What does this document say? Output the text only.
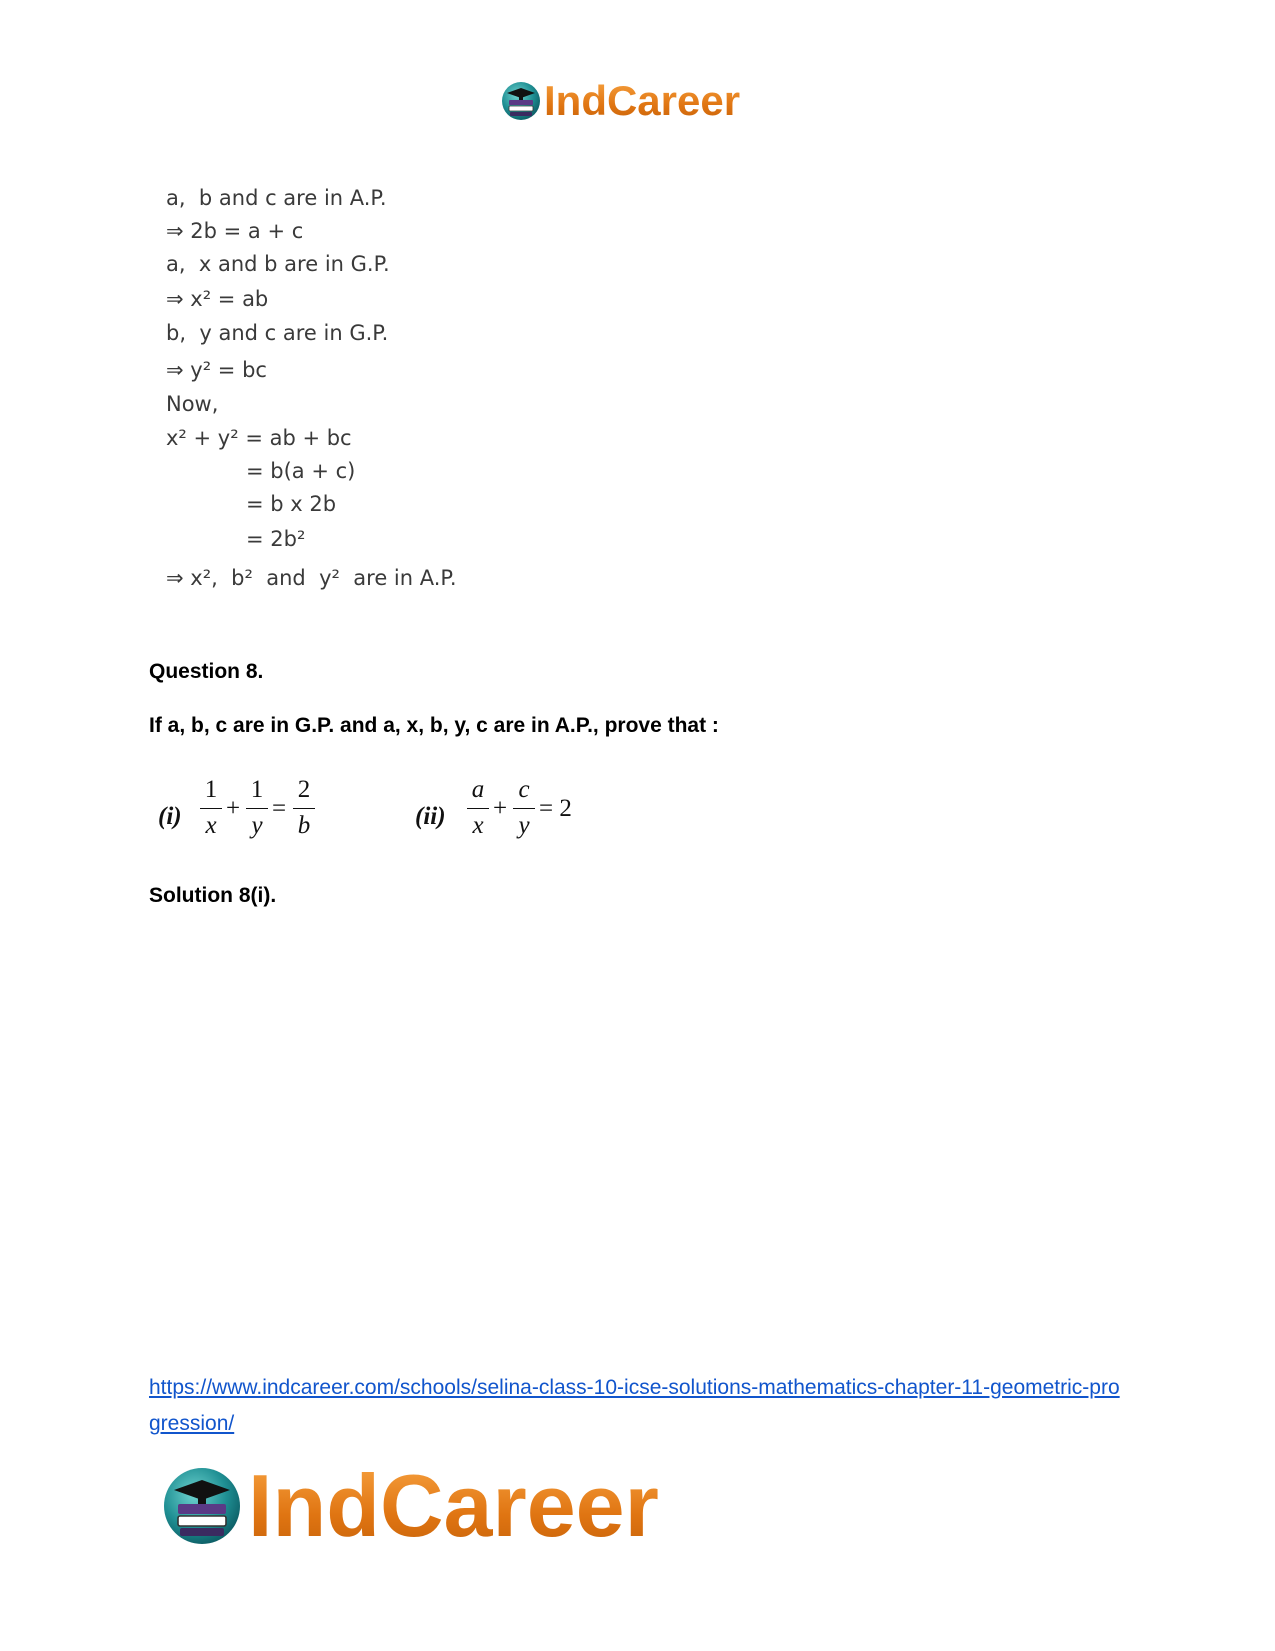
IndCareer
a,  b and c are in A.P.
⇒ 2b = a + c
a,  x and b are in G.P.
⇒ x² = ab
b,  y and c are in G.P.
⇒ y² = bc
Now,
x² + y² = ab + bc
= b(a + c)
= b x 2b
= 2b²
⇒ x²,  b²  and  y²  are in A.P.
Question 8.
If a, b, c are in G.P. and a, x, b, y, c are in A.P., prove that :
(i)
1
x
+
1
y
=
2
b	(ii)
a
x
+
c
y
= 2
Solution 8(i).
https://www.indcareer.com/schools/selina-class-10-icse-solutions-mathematics-chapter-11-geometric-progression/
IndCareer
